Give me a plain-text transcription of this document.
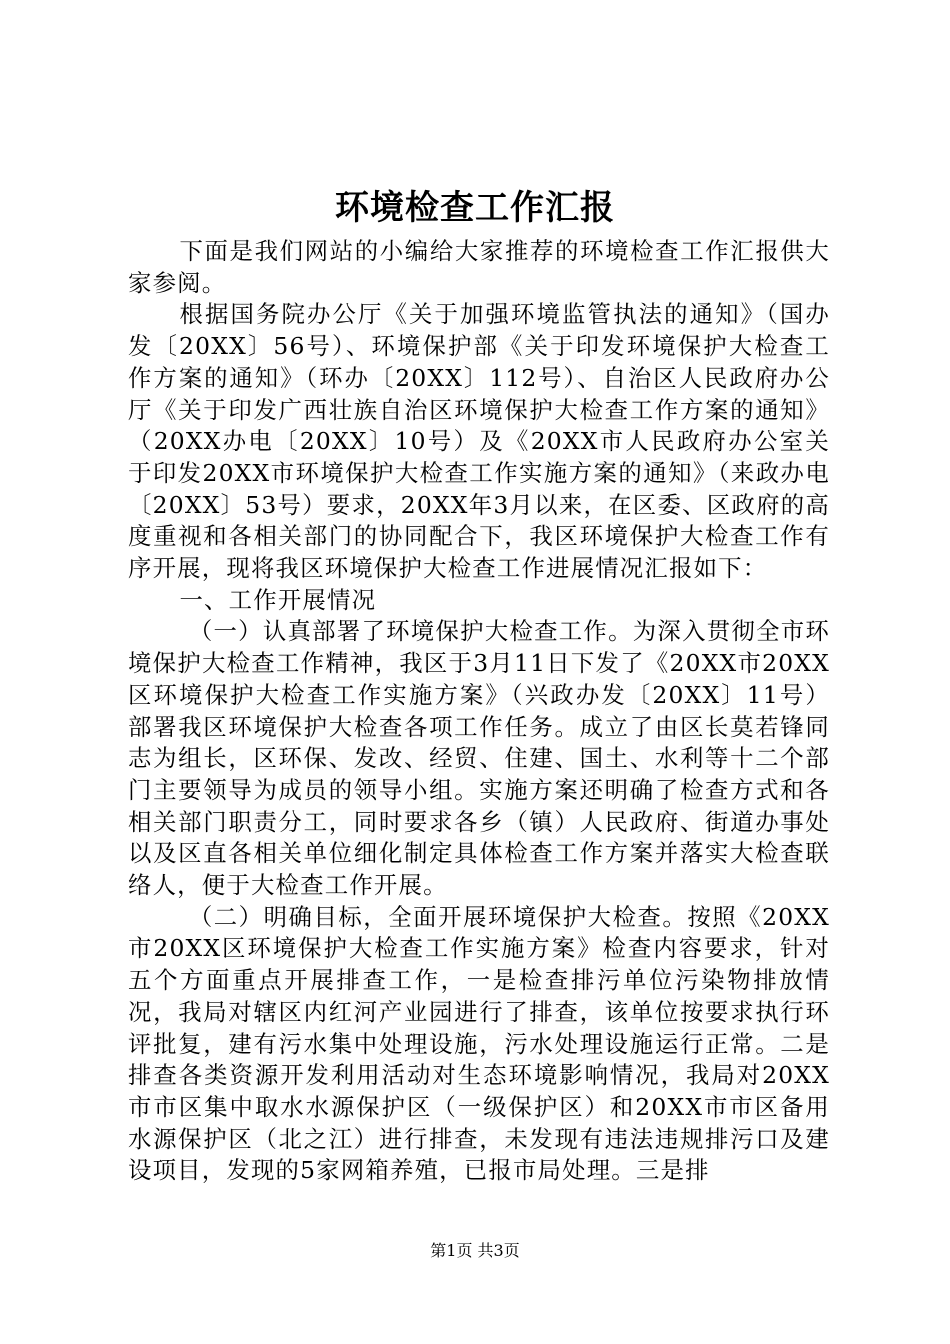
环境检查工作汇报

下面是我们网站的小编给大家推荐的环境检查工作汇报供大家参阅。

根据国务院办公厅《关于加强环境监管执法的通知》（国办发〔20XX〕56号）、环境保护部《关于印发环境保护大检查工作方案的通知》（环办〔20XX〕112号）、自治区人民政府办公厅《关于印发广西壮族自治区环境保护大检查工作方案的通知》（20XX办电〔20XX〕10号）及《20XX市人民政府办公室关于印发20XX市环境保护大检查工作实施方案的通知》（来政办电〔20XX〕53号）要求，20XX年3月以来，在区委、区政府的高度重视和各相关部门的协同配合下，我区环境保护大检查工作有序开展，现将我区环境保护大检查工作进展情况汇报如下：

一、工作开展情况

（一）认真部署了环境保护大检查工作。为深入贯彻全市环境保护大检查工作精神，我区于3月11日下发了《20XX市20XX区环境保护大检查工作实施方案》（兴政办发〔20XX〕11号）部署我区环境保护大检查各项工作任务。成立了由区长莫若锋同志为组长，区环保、发改、经贸、住建、国土、水利等十二个部门主要领导为成员的领导小组。实施方案还明确了检查方式和各相关部门职责分工，同时要求各乡（镇）人民政府、街道办事处以及区直各相关单位细化制定具体检查工作方案并落实大检查联络人，便于大检查工作开展。

（二）明确目标，全面开展环境保护大检查。按照《20XX市20XX区环境保护大检查工作实施方案》检查内容要求，针对五个方面重点开展排查工作，一是检查排污单位污染物排放情况，我局对辖区内红河产业园进行了排查，该单位按要求执行环评批复，建有污水集中处理设施，污水处理设施运行正常。二是排查各类资源开发利用活动对生态环境影响情况，我局对20XX市市区集中取水水源保护区（一级保护区）和20XX市市区备用水源保护区（北之江）进行排查，未发现有违法违规排污口及建设项目，发现的5家网箱养殖，已报市局处理。三是排

第1页 共3页
